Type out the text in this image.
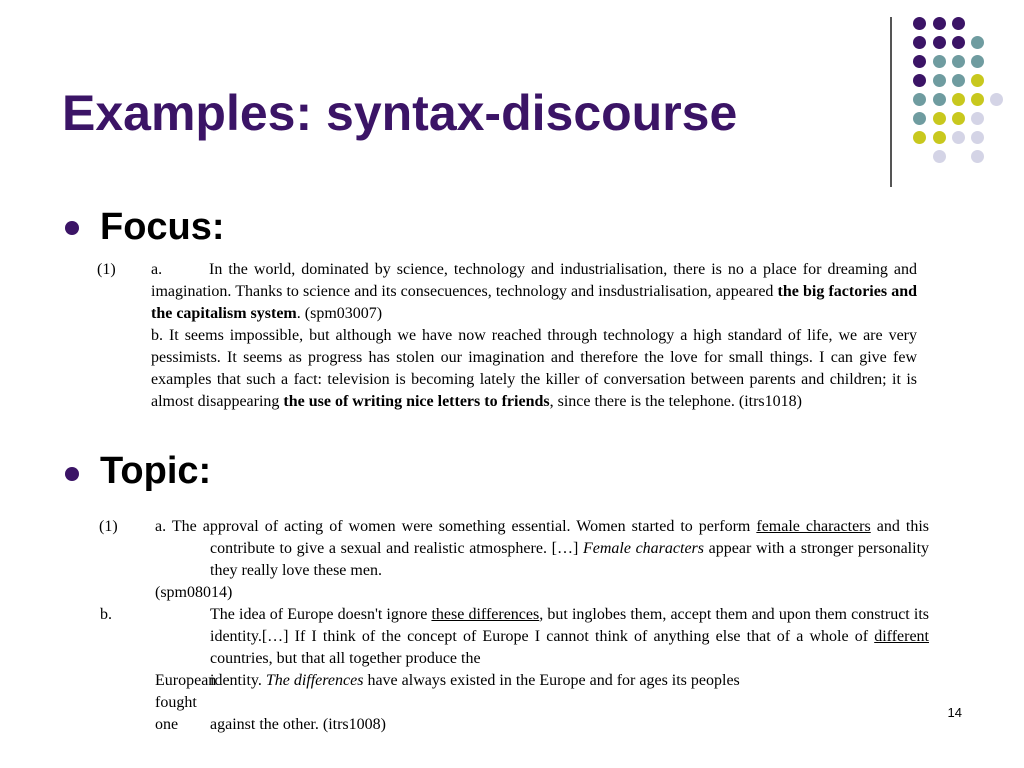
Examples: syntax-discourse
Focus:
(1) a.	In the world, dominated by science, technology and industrialisation, there is no a place for dreaming and imagination. Thanks to science and its consecuences, technology and insdustrialisation, appeared the big factories and the capitalism system. (spm03007)
b. It seems impossible, but although we have now reached through technology a high standard of life, we are very pessimists. It seems as progress has stolen our imagination and therefore the love for small things. I can give few examples that such a fact: television is becoming lately the killer of conversation between parents and children; it is almost disappearing the use of writing nice letters to friends, since there is the telephone. (itrs1018)
Topic:
(1) a. The approval of acting of women were something essential. Women started to perform female characters and this contribute to give a sexual and realistic atmosphere. […] Female characters appear with a stronger personality they really love these men.
(spm08014)
b.	The idea of Europe doesn't ignore these differences, but inglobes them, accept them and upon them construct its identity.[…] If I think of the concept of Europe I cannot think of anything else that of a whole of different countries, but that all together produce the
Europeanidentity. The differences have always existed in the Europe and for ages its peoples
fought one against the other. (itrs1008)
14
